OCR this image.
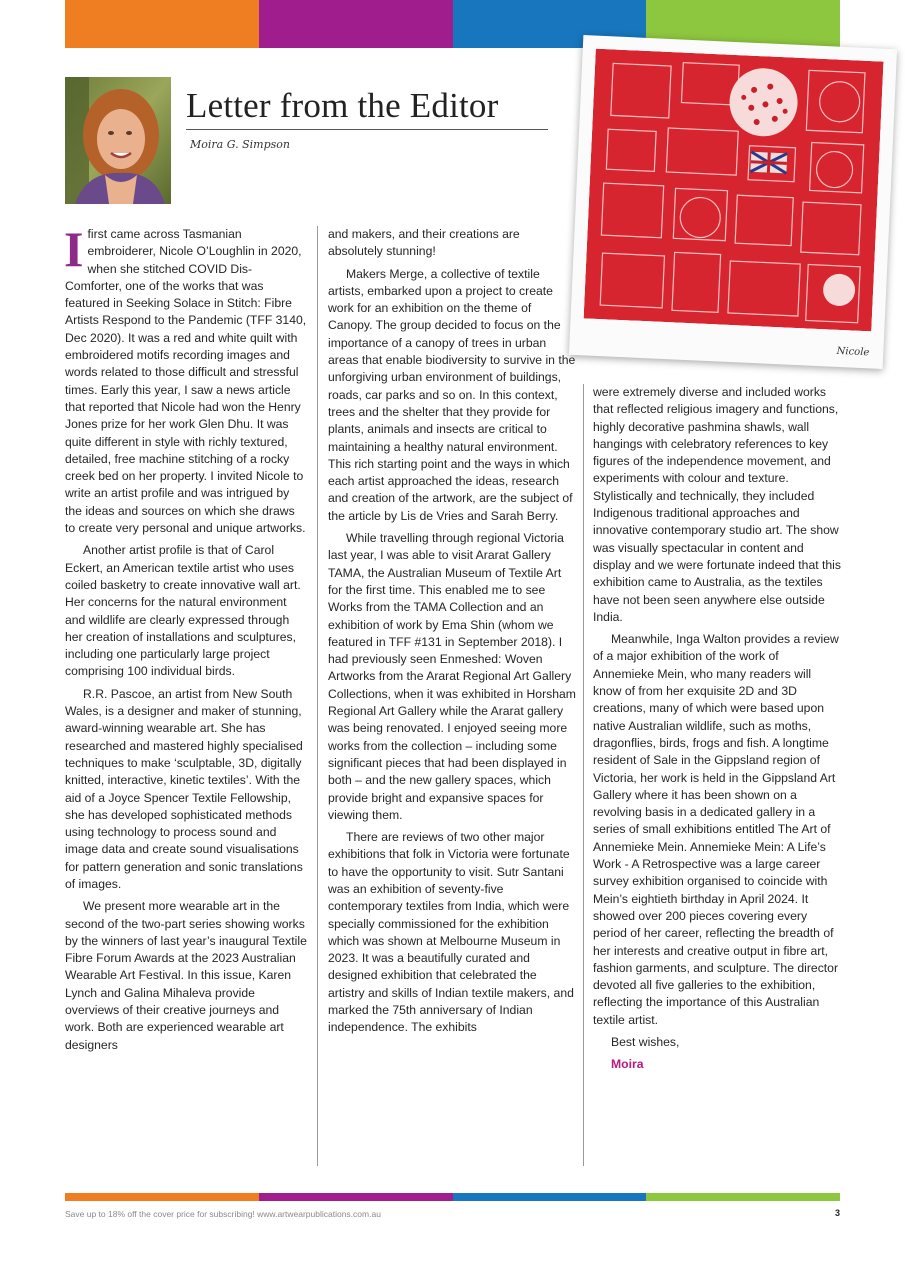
Letter from the Editor
Moira G. Simpson
Nicole

I first came across Tasmanian embroiderer, Nicole O’Loughlin in 2020, when she stitched COVID Dis-Comforter, one of the works that was featured in Seeking Solace in Stitch: Fibre Artists Respond to the Pandemic (TFF 3140, Dec 2020). It was a red and white quilt with embroidered motifs recording images and words related to those difficult and stressful times. Early this year, I saw a news article that reported that Nicole had won the Henry Jones prize for her work Glen Dhu. It was quite different in style with richly textured, detailed, free machine stitching of a rocky creek bed on her property. I invited Nicole to write an artist profile and was intrigued by the ideas and sources on which she draws to create very personal and unique artworks.

Another artist profile is that of Carol Eckert, an American textile artist who uses coiled basketry to create innovative wall art. Her concerns for the natural environment and wildlife are clearly expressed through her creation of installations and sculptures, including one particularly large project comprising 100 individual birds.

R.R. Pascoe, an artist from New South Wales, is a designer and maker of stunning, award-winning wearable art. She has researched and mastered highly specialised techniques to make ‘sculptable, 3D, digitally knitted, interactive, kinetic textiles’. With the aid of a Joyce Spencer Textile Fellowship, she has developed sophisticated methods using technology to process sound and image data and create sound visualisations for pattern generation and sonic translations of images.

We present more wearable art in the second of the two-part series showing works by the winners of last year’s inaugural Textile Fibre Forum Awards at the 2023 Australian Wearable Art Festival. In this issue, Karen Lynch and Galina Mihaleva provide overviews of their creative journeys and work. Both are experienced wearable art designers

and makers, and their creations are absolutely stunning!

Makers Merge, a collective of textile artists, embarked upon a project to create work for an exhibition on the theme of Canopy. The group decided to focus on the importance of a canopy of trees in urban areas that enable biodiversity to survive in the unforgiving urban environment of buildings, roads, car parks and so on. In this context, trees and the shelter that they provide for plants, animals and insects are critical to maintaining a healthy natural environment. This rich starting point and the ways in which each artist approached the ideas, research and creation of the artwork, are the subject of the article by Lis de Vries and Sarah Berry.

While travelling through regional Victoria last year, I was able to visit Ararat Gallery TAMA, the Australian Museum of Textile Art for the first time. This enabled me to see Works from the TAMA Collection and an exhibition of work by Ema Shin (whom we featured in TFF #131 in September 2018). I had previously seen Enmeshed: Woven Artworks from the Ararat Regional Art Gallery Collections, when it was exhibited in Horsham Regional Art Gallery while the Ararat gallery was being renovated. I enjoyed seeing more works from the collection – including some significant pieces that had been displayed in both – and the new gallery spaces, which provide bright and expansive spaces for viewing them.

There are reviews of two other major exhibitions that folk in Victoria were fortunate to have the opportunity to visit. Sutr Santani was an exhibition of seventy-five contemporary textiles from India, which were specially commissioned for the exhibition which was shown at Melbourne Museum in 2023. It was a beautifully curated and designed exhibition that celebrated the artistry and skills of Indian textile makers, and marked the 75th anniversary of Indian independence. The exhibits

were extremely diverse and included works that reflected religious imagery and functions, highly decorative pashmina shawls, wall hangings with celebratory references to key figures of the independence movement, and experiments with colour and texture. Stylistically and technically, they included Indigenous traditional approaches and innovative contemporary studio art. The show was visually spectacular in content and display and we were fortunate indeed that this exhibition came to Australia, as the textiles have not been seen anywhere else outside India.

Meanwhile, Inga Walton provides a review of a major exhibition of the work of Annemieke Mein, who many readers will know of from her exquisite 2D and 3D creations, many of which were based upon native Australian wildlife, such as moths, dragonflies, birds, frogs and fish. A longtime resident of Sale in the Gippsland region of Victoria, her work is held in the Gippsland Art Gallery where it has been shown on a revolving basis in a dedicated gallery in a series of small exhibitions entitled The Art of Annemieke Mein. Annemieke Mein: A Life’s Work - A Retrospective was a large career survey exhibition organised to coincide with Mein’s eightieth birthday in April 2024. It showed over 200 pieces covering every period of her career, reflecting the breadth of her interests and creative output in fibre art, fashion garments, and sculpture. The director devoted all five galleries to the exhibition, reflecting the importance of this Australian textile artist.

Best wishes,

Moira

Save up to 18% off the cover price for subscribing! www.artwearpublications.com.au	3
